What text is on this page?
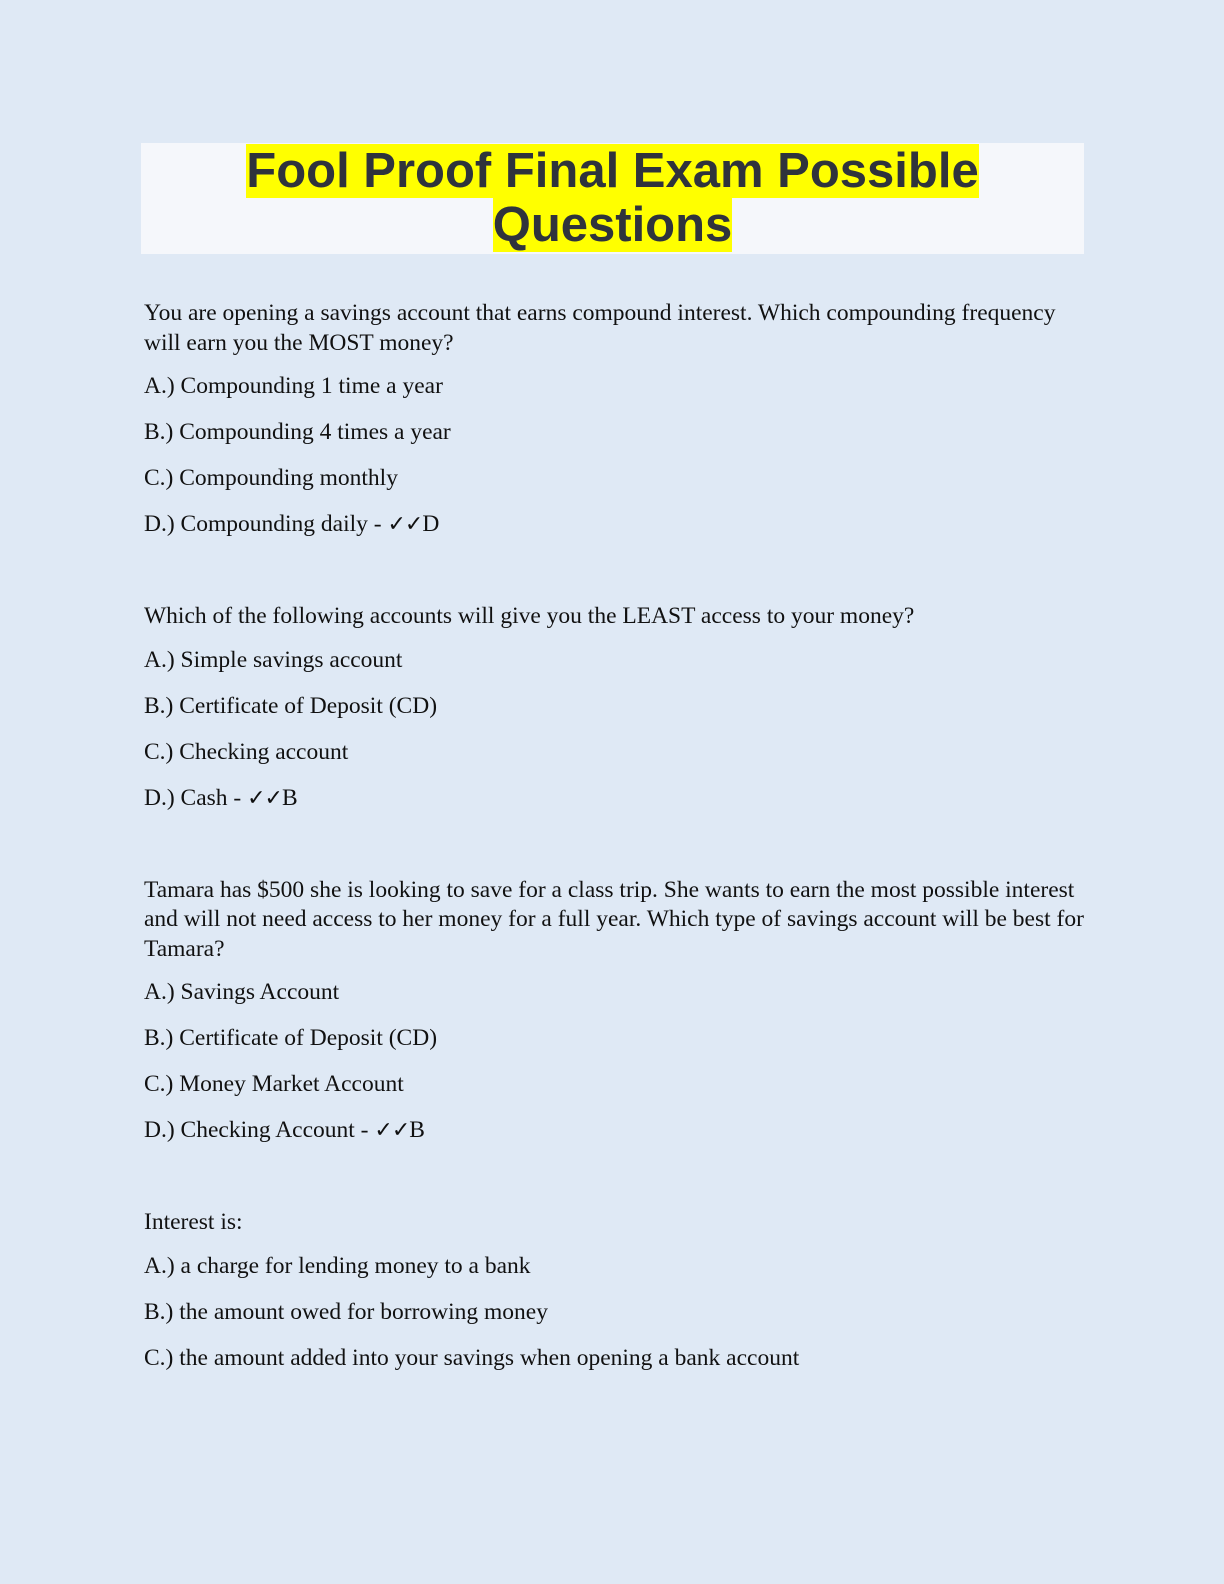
Fool Proof Final Exam Possible
Questions
You are opening a savings account that earns compound interest. Which compounding frequency will earn you the MOST money?
A.) Compounding 1 time a year
B.) Compounding 4 times a year
C.) Compounding monthly
D.) Compounding daily - ✓✓D
Which of the following accounts will give you the LEAST access to your money?
A.) Simple savings account
B.) Certificate of Deposit (CD)
C.) Checking account
D.) Cash - ✓✓B
Tamara has $500 she is looking to save for a class trip. She wants to earn the most possible interest and will not need access to her money for a full year. Which type of savings account will be best for Tamara?
A.) Savings Account
B.) Certificate of Deposit (CD)
C.) Money Market Account
D.) Checking Account - ✓✓B
Interest is:
A.) a charge for lending money to a bank
B.) the amount owed for borrowing money
C.) the amount added into your savings when opening a bank account
